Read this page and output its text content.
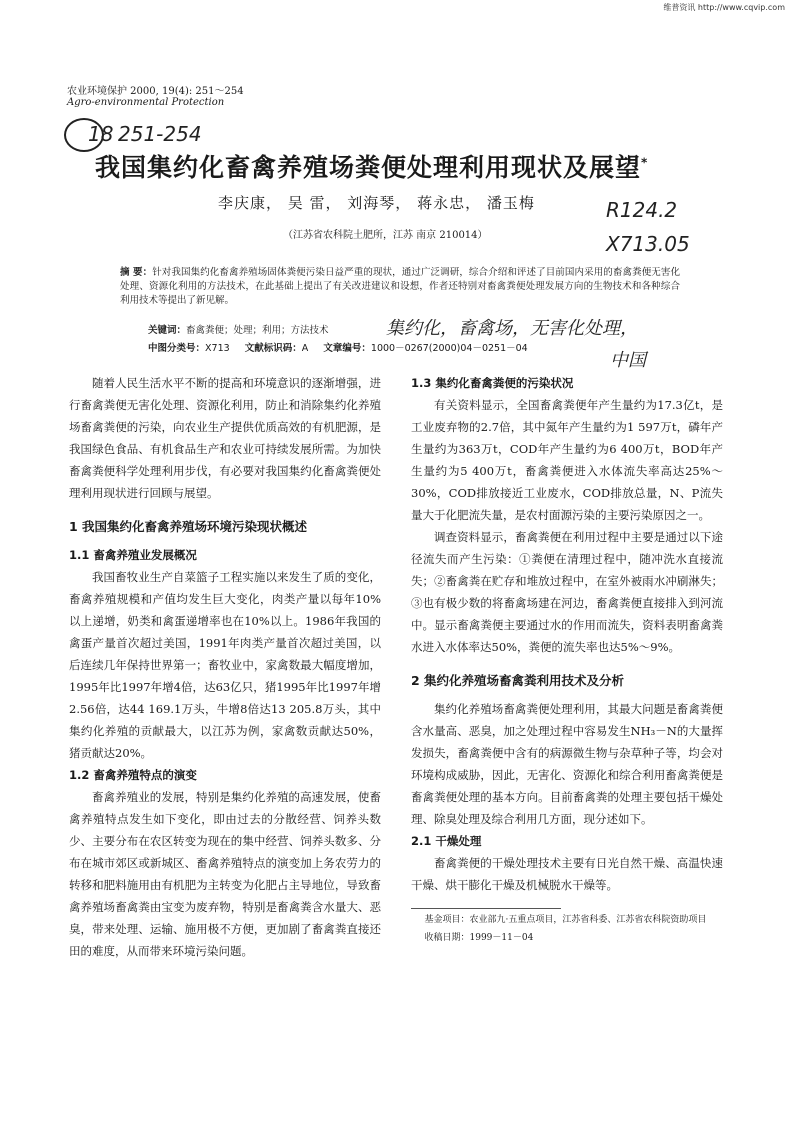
维普资讯 http://www.cqvip.com
农业环境保护 2000, 19(4): 251～254
Agro-environmental Protection
18 251-254
我国集约化畜禽养殖场粪便处理利用现状及展望*
李庆康， 吴 雷， 刘海琴， 蒋永忠， 潘玉梅
（江苏省农科院土肥所，江苏 南京 210014）
R124.2
X713.05
摘 要：针对我国集约化畜禽养殖场固体粪便污染日益严重的现状，通过广泛调研，综合介绍和评述了目前国内采用的畜禽粪便无害化处理、资源化利用的方法技术，在此基础上提出了有关改进建议和设想，作者还特别对畜禽粪便处理发展方向的生物技术和各种综合利用技术等提出了新见解。
关键词：畜禽粪便；处理；利用；方法技术	集约化，畜禽场，无害化处理，
中图分类号：X713 文献标识码：A 文章编号：1000－0267(2000)04－0251－04
中国

随着人民生活水平不断的提高和环境意识的逐渐增强，进行畜禽粪便无害化处理、资源化利用，防止和消除集约化养殖场畜禽粪便的污染，向农业生产提供优质高效的有机肥源，是我国绿色食品、有机食品生产和农业可持续发展所需。为加快畜禽粪便科学处理利用步伐，有必要对我国集约化畜禽粪便处理利用现状进行回顾与展望。

1 我国集约化畜禽养殖场环境污染现状概述
1.1 畜禽养殖业发展概况

我国畜牧业生产自菜篮子工程实施以来发生了质的变化，畜禽养殖规模和产值均发生巨大变化，肉类产量以每年10%以上递增，奶类和禽蛋递增率也在10%以上。1986年我国的禽蛋产量首次超过美国，1991年肉类产量首次超过美国，以后连续几年保持世界第一；畜牧业中，家禽数最大幅度增加，1995年比1997年增4倍，达63亿只，猪1995年比1997年增2.56倍，达44 169.1万头，牛增8倍达13 205.8万头，其中集约化养殖的贡献最大，以江苏为例，家禽数贡献达50%，猪贡献达20%。

1.2 畜禽养殖特点的演变

畜禽养殖业的发展，特别是集约化养殖的高速发展，使畜禽养殖特点发生如下变化，即由过去的分散经营、饲养头数少、主要分布在农区转变为现在的集中经营、饲养头数多、分布在城市郊区或新城区、畜禽养殖特点的演变加上务农劳力的转移和肥料施用由有机肥为主转变为化肥占主导地位，导致畜禽养殖场畜禽粪由宝变为废弃物，特别是畜禽粪含水量大、恶臭，带来处理、运输、施用极不方便，更加剧了畜禽粪直接还田的难度，从而带来环境污染问题。

1.3 集约化畜禽粪便的污染状况

有关资料显示，全国畜禽粪便年产生量约为17.3亿t，是工业废弃物的2.7倍，其中氮年产生量约为1 597万t，磷年产生量约为363万t，COD年产生量约为6 400万t，BOD年产生量约为5 400万t，畜禽粪便进入水体流失率高达25%～30%，COD排放接近工业废水，COD排放总量，N、P流失量大于化肥流失量，是农村面源污染的主要污染原因之一。

调查资料显示，畜禽粪便在利用过程中主要是通过以下途径流失而产生污染：①粪便在清理过程中，随冲洗水直接流失；②畜禽粪在贮存和堆放过程中，在室外被雨水冲刷淋失；③也有极少数的将畜禽场建在河边，畜禽粪便直接排入到河流中。显示畜禽粪便主要通过水的作用而流失，资料表明畜禽粪水进入水体率达50%，粪便的流失率也达5%～9%。

2 集约化养殖场畜禽粪利用技术及分析

集约化养殖场畜禽粪便处理利用，其最大问题是畜禽粪便含水量高、恶臭，加之处理过程中容易发生NH₃－N的大量挥发损失，畜禽粪便中含有的病源微生物与杂草种子等，均会对环境构成威胁，因此，无害化、资源化和综合利用畜禽粪便是畜禽粪便处理的基本方向。目前畜禽粪的处理主要包括干燥处理、除臭处理及综合利用几方面，现分述如下。

2.1 干燥处理

畜禽粪便的干燥处理技术主要有日光自然干燥、高温快速干燥、烘干膨化干燥及机械脱水干燥等。

基金项目：农业部九·五重点项目，江苏省科委、江苏省农科院资助项目
收稿日期：1999－11－04
